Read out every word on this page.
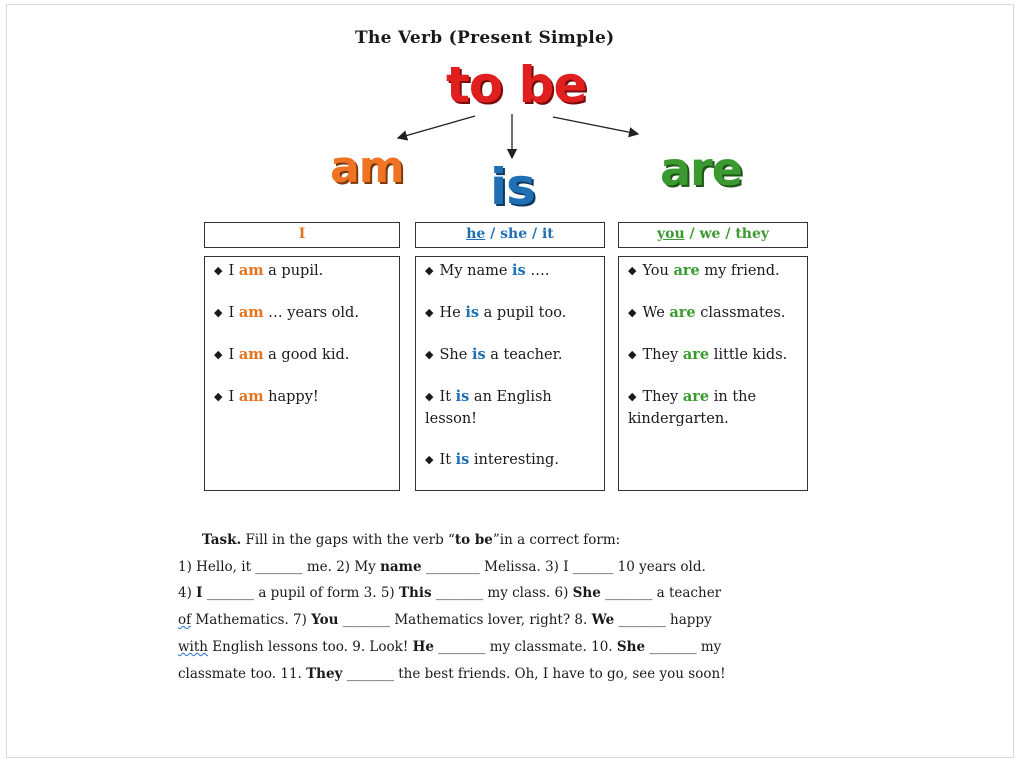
The Verb (Present Simple)
to be
am is	are
I	he / she / it	you / we / they
◆ I am a pupil.
◆ I am … years old.
◆ I am a good kid.
◆ I am happy!
◆ My name is ….
◆ He is a pupil too.
◆ She is a teacher.
◆ It is an English lesson!
◆ It is interesting.
◆ You are my friend.
◆ We are classmates.
◆ They are little kids.
◆ They are in the kindergarten.

Task. Fill in the gaps with the verb “to be”in a correct form:

1) Hello, it _______ me. 2) My name ________ Melissa. 3) I ______ 10 years old.

4) I _______ a pupil of form 3. 5) This _______ my class. 6) She _______ a teacher

of Mathematics. 7) You _______ Mathematics lover, right? 8. We _______ happy

with English lessons too. 9. Look! He _______ my classmate. 10. She _______ my

classmate too. 11. They _______ the best friends. Oh, I have to go, see you soon!
